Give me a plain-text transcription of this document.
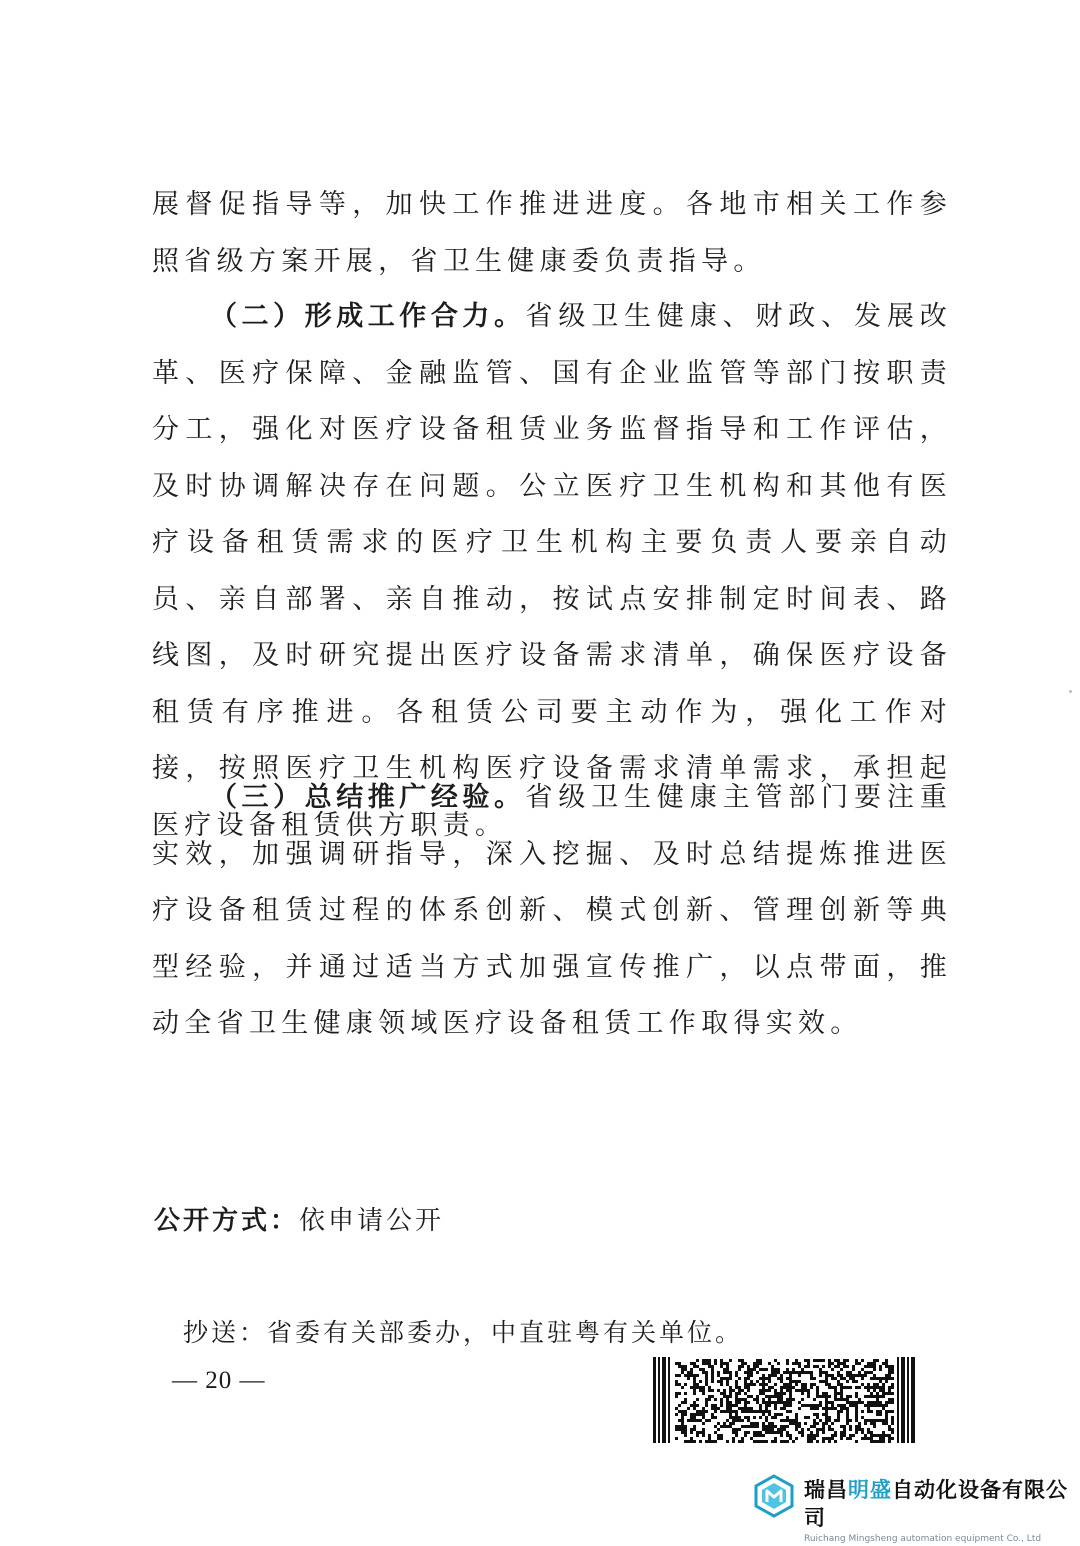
展督促指导等，加快工作推进进度。各地市相关工作参照省级方案开展，省卫生健康委负责指导。

（二）形成工作合力。省级卫生健康、财政、发展改革、医疗保障、金融监管、国有企业监管等部门按职责分工，强化对医疗设备租赁业务监督指导和工作评估，及时协调解决存在问题。公立医疗卫生机构和其他有医疗设备租赁需求的医疗卫生机构主要负责人要亲自动员、亲自部署、亲自推动，按试点安排制定时间表、路线图，及时研究提出医疗设备需求清单，确保医疗设备租赁有序推进。各租赁公司要主动作为，强化工作对接，按照医疗卫生机构医疗设备需求清单需求，承担起医疗设备租赁供方职责。

（三）总结推广经验。省级卫生健康主管部门要注重实效，加强调研指导，深入挖掘、及时总结提炼推进医疗设备租赁过程的体系创新、模式创新、管理创新等典型经验，并通过适当方式加强宣传推广，以点带面，推动全省卫生健康领域医疗设备租赁工作取得实效。

公开方式：依申请公开

抄送：省委有关部委办，中直驻粤有关单位。

— 20 —

瑞昌明盛自动化设备有限公司

Ruichang Mingsheng automation equipment Co., Ltd
